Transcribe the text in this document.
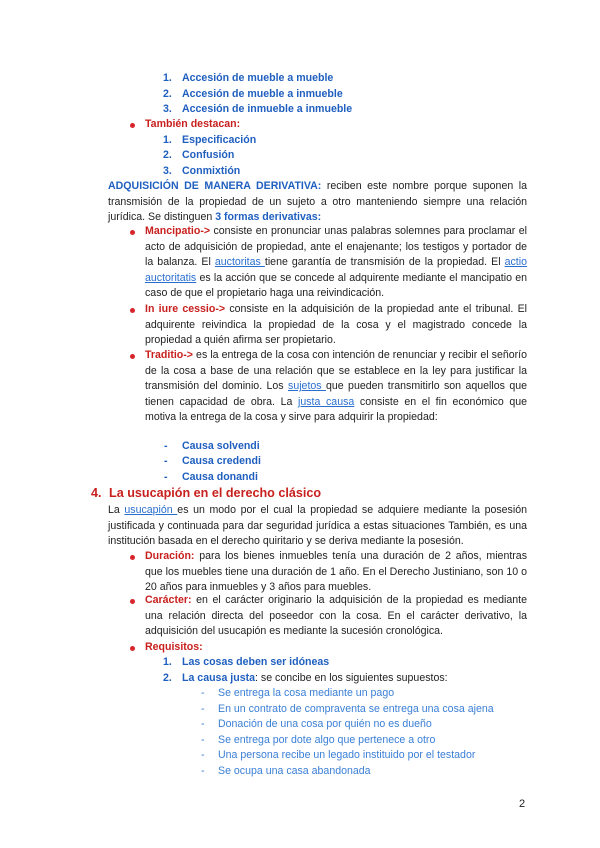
1. Accesión de mueble a mueble
2. Accesión de mueble a inmueble
3. Accesión de inmueble a inmueble
También destacan:
1. Especificación
2. Confusión
3. Conmixtión
ADQUISICIÓN DE MANERA DERIVATIVA: reciben este nombre porque suponen la transmisión de la propiedad de un sujeto a otro manteniendo siempre una relación jurídica. Se distinguen 3 formas derivativas:
Mancipatio-> consiste en pronunciar unas palabras solemnes para proclamar el acto de adquisición de propiedad, ante el enajenante; los testigos y portador de la balanza. El auctoritas tiene garantía de transmisión de la propiedad. El actio auctoritatis es la acción que se concede al adquirente mediante el mancipatio en caso de que el propietario haga una reivindicación.
In iure cessio-> consiste en la adquisición de la propiedad ante el tribunal. El adquirente reivindica la propiedad de la cosa y el magistrado concede la propiedad a quién afirma ser propietario.
Traditio-> es la entrega de la cosa con intención de renunciar y recibir el señorío de la cosa a base de una relación que se establece en la ley para justificar la transmisión del dominio. Los sujetos que pueden transmitirlo son aquellos que tienen capacidad de obra. La justa causa consiste en el fin económico que motiva la entrega de la cosa y sirve para adquirir la propiedad:
- Causa solvendi
- Causa credendi
- Causa donandi
4. La usucapión en el derecho clásico
La usucapión es un modo por el cual la propiedad se adquiere mediante la posesión justificada y continuada para dar seguridad jurídica a estas situaciones También, es una institución basada en el derecho quiritario y se deriva mediante la posesión.
Duración: para los bienes inmuebles tenía una duración de 2 años, mientras que los muebles tiene una duración de 1 año. En el Derecho Justiniano, son 10 o 20 años para inmuebles y 3 años para muebles.
Carácter: en el carácter originario la adquisición de la propiedad es mediante una relación directa del poseedor con la cosa. En el carácter derivativo, la adquisición del usucapión es mediante la sucesión cronológica.
Requisitos:
1. Las cosas deben ser idóneas
2. La causa justa: se concibe en los siguientes supuestos:
- Se entrega la cosa mediante un pago
- En un contrato de compraventa se entrega una cosa ajena
- Donación de una cosa por quién no es dueño
- Se entrega por dote algo que pertenece a otro
- Una persona recibe un legado instituido por el testador
- Se ocupa una casa abandonada
2
